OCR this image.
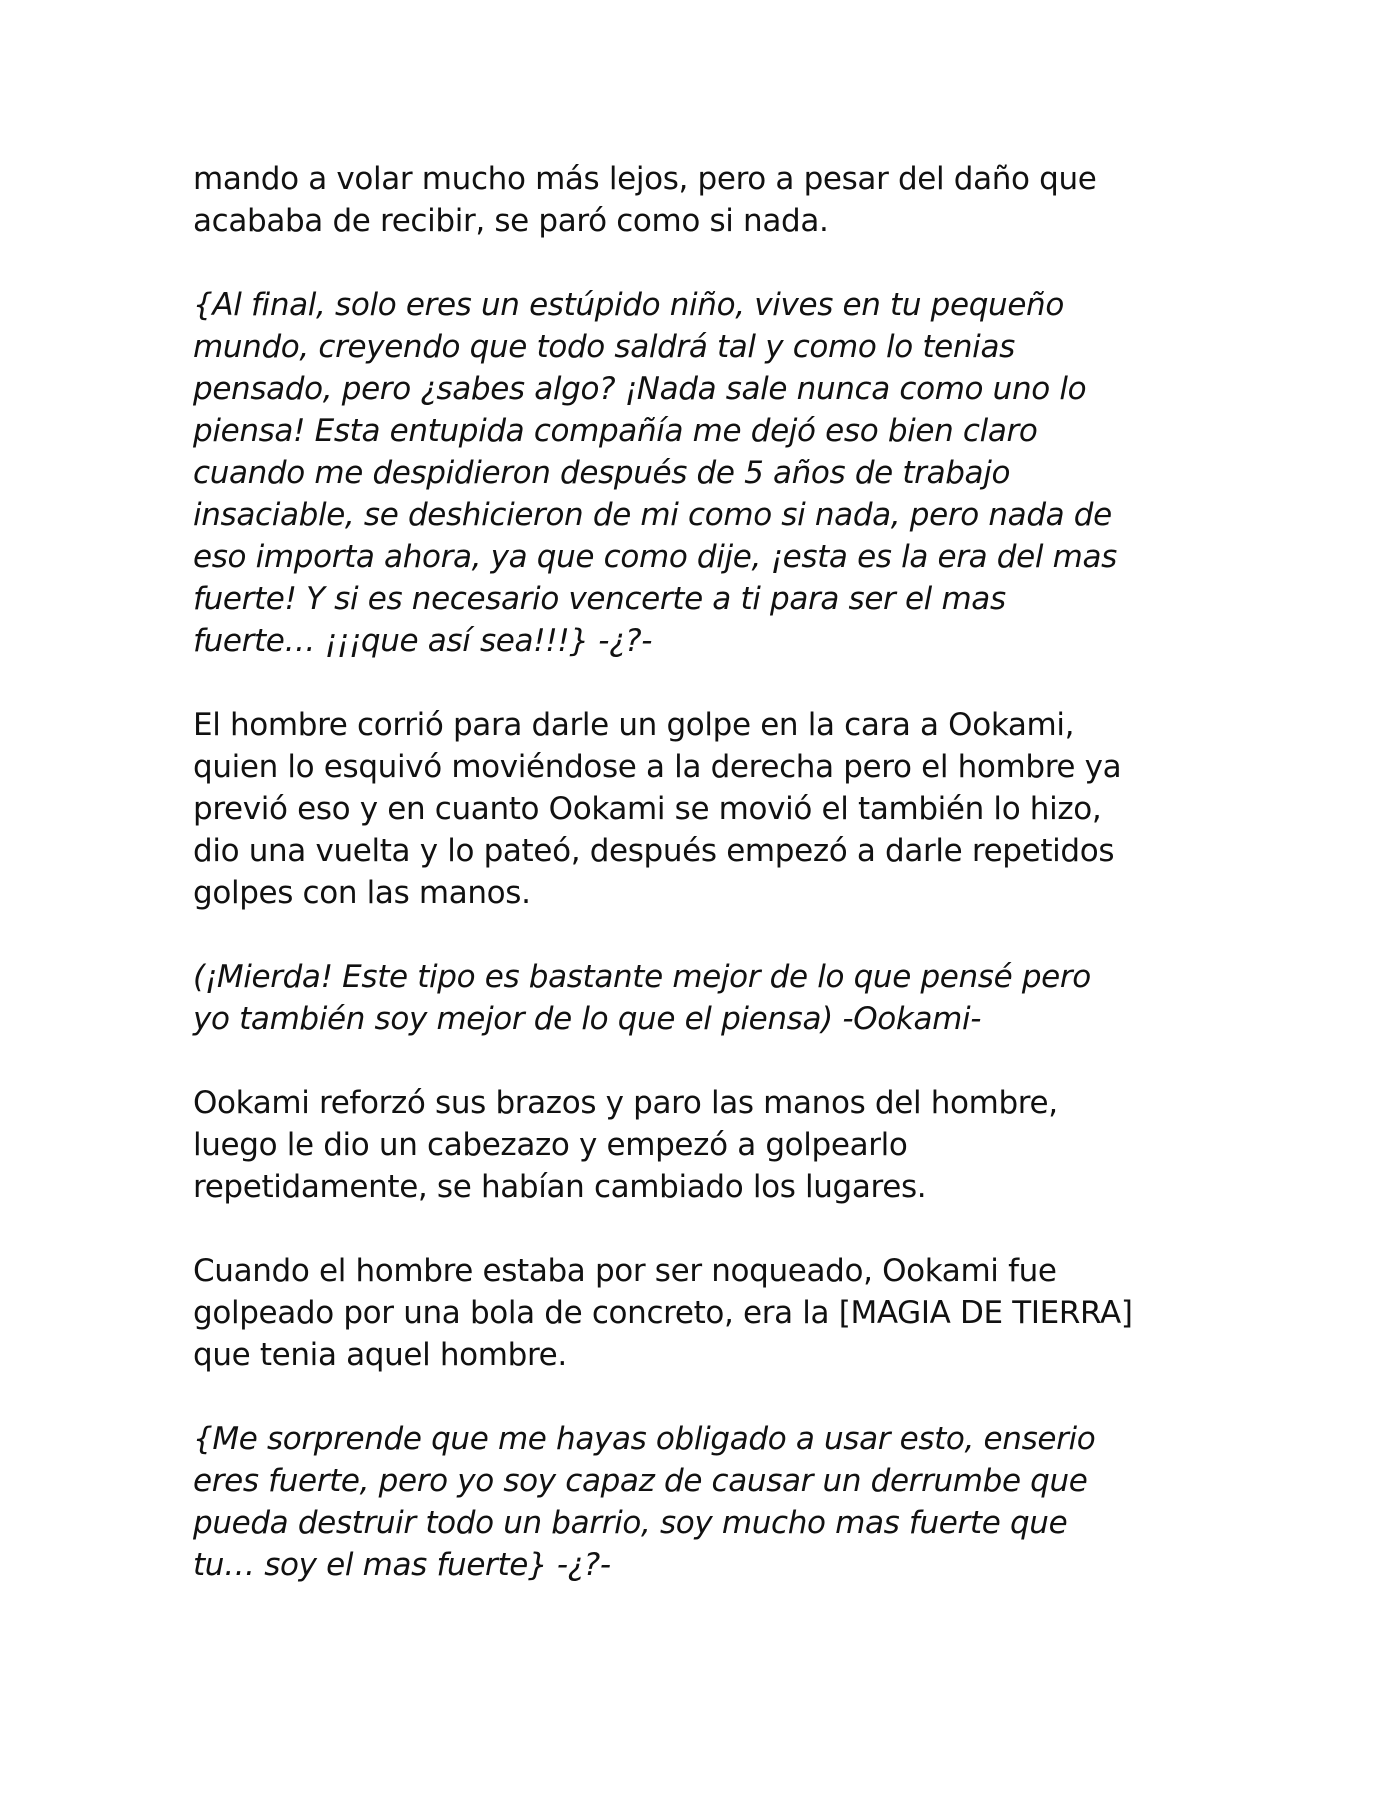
mando a volar mucho más lejos, pero a pesar del daño que
acababa de recibir, se paró como si nada.

{Al final, solo eres un estúpido niño, vives en tu pequeño
mundo, creyendo que todo saldrá tal y como lo tenias
pensado, pero ¿sabes algo? ¡Nada sale nunca como uno lo
piensa! Esta entupida compañía me dejó eso bien claro
cuando me despidieron después de 5 años de trabajo
insaciable, se deshicieron de mi como si nada, pero nada de
eso importa ahora, ya que como dije, ¡esta es la era del mas
fuerte! Y si es necesario vencerte a ti para ser el mas
fuerte… ¡¡¡que así sea!!!} -¿?-

El hombre corrió para darle un golpe en la cara a Ookami,
quien lo esquivó moviéndose a la derecha pero el hombre ya
previó eso y en cuanto Ookami se movió el también lo hizo,
dio una vuelta y lo pateó, después empezó a darle repetidos
golpes con las manos.

(¡Mierda! Este tipo es bastante mejor de lo que pensé pero
yo también soy mejor de lo que el piensa) -Ookami-

Ookami reforzó sus brazos y paro las manos del hombre,
luego le dio un cabezazo y empezó a golpearlo
repetidamente, se habían cambiado los lugares.

Cuando el hombre estaba por ser noqueado, Ookami fue
golpeado por una bola de concreto, era la [MAGIA DE TIERRA]
que tenia aquel hombre.

{Me sorprende que me hayas obligado a usar esto, enserio
eres fuerte, pero yo soy capaz de causar un derrumbe que
pueda destruir todo un barrio, soy mucho mas fuerte que
tu… soy el mas fuerte} -¿?-
